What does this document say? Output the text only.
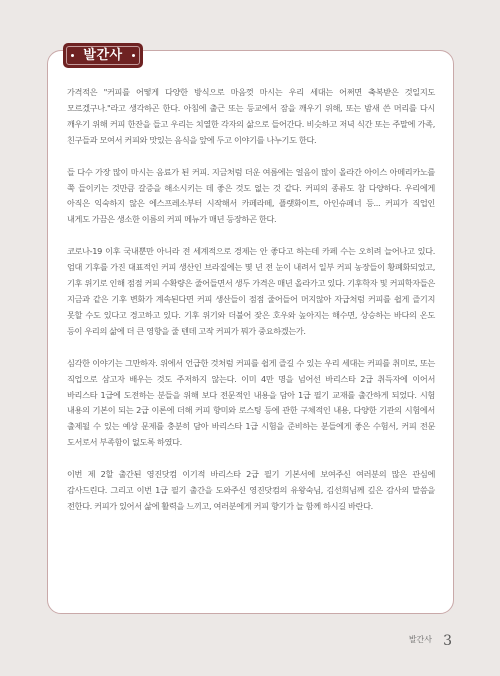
발간사

가격적은 "커피를 어떻게 다양한 방식으로 마음껏 마시는 우리 세대는 어쩌면 축복받은 것일지도 모르겠구나."라고 생각하곤 한다. 아침에 출근 또는 등교에서 잠을 깨우기 위해, 또는 밤새 쓴 머리를 다시 깨우기 위해 커피 한잔을 들고 우리는 치열한 각자의 삶으로 들어간다. 비슷하고 저녁 식간 또는 주말에 가족, 친구들과 모여서 커피와 맛있는 음식을 앞에 두고 이야기를 나누기도 한다.

들 다수 가장 많이 마시는 음료가 된 커피. 지금처럼 더운 여름에는 얼음이 많이 올라간 아이스 아메리카노를 쭉 들이키는 것만큼 갈증을 해소시키는 데 좋은 것도 없는 것 같다. 커피의 종류도 참 다양하다. 우리에게 아직은 익숙하지 않은 에스프레소부터 시작해서 카페라떼, 플랫화이트, 아인슈페너 등... 커피가 직업인 내게도 가끔은 생소한 이름의 커피 메뉴가 매년 등장하곤 한다.

코로나-19 이후 국내뿐만 아니라 전 세계적으로 경제는 안 좋다고 하는데 카페 수는 오히려 늘어나고 있다. 엄대 기후를 가진 대표적인 커피 생산인 브라질에는 몇 년 전 눈이 내려서 일부 커피 농장들이 황폐화되었고, 기후 위기로 인해 점점 커피 수확량은 줄어들면서 생두 가격은 매년 올라가고 있다. 기후학자 및 커피학자들은 지금과 같은 기후 변화가 계속된다면 커피 생산들이 점점 줄어들어 머지않아 자급처럼 커피를 쉽게 즐기지 못할 수도 있다고 경고하고 있다. 기후 위기와 더불어 잦은 호우와 높아지는 해수면, 상승하는 바다의 온도 등이 우리의 삶에 더 큰 영향을 줄 텐데 고작 커피가 뭐가 중요하겠는가.

심각한 이야기는 그만하자. 위에서 언급한 것처럼 커피를 쉽게 즐길 수 있는 우리 세대는 커피를 취미로, 또는 직업으로 삼고자 배우는 것도 주저하지 않는다. 이미 4만 명을 넘어선 바리스타 2급 취득자에 이어서 바리스타 1급에 도전하는 분들을 위해 보다 전문적인 내용을 담아 1급 필기 교재를 출간하게 되었다. 시험 내용의 기본이 되는 2급 이론에 더해 커피 향미와 로스팅 등에 관한 구체적인 내용, 다양한 기관의 시험에서 출제될 수 있는 예상 문제를 충분히 담아 바리스타 1급 시험을 준비하는 분들에게 좋은 수험서, 커피 전문 도서로서 부족함이 없도록 하였다.

이번 제 2할 출간된 영진닷컴 이기적 바리스타 2급 필기 기본서에 보여주신 여러분의 많은 관심에 감사드린다. 그리고 이번 1급 필기 출간을 도와주신 영진닷컴의 유왕숙님, 김선희님께 깊은 감사의 말씀을 전한다. 커피가 있어서 삶에 활력을 느끼고, 여러분에게 커피 향기가 늘 함께 하시길 바란다.

발간사 3
